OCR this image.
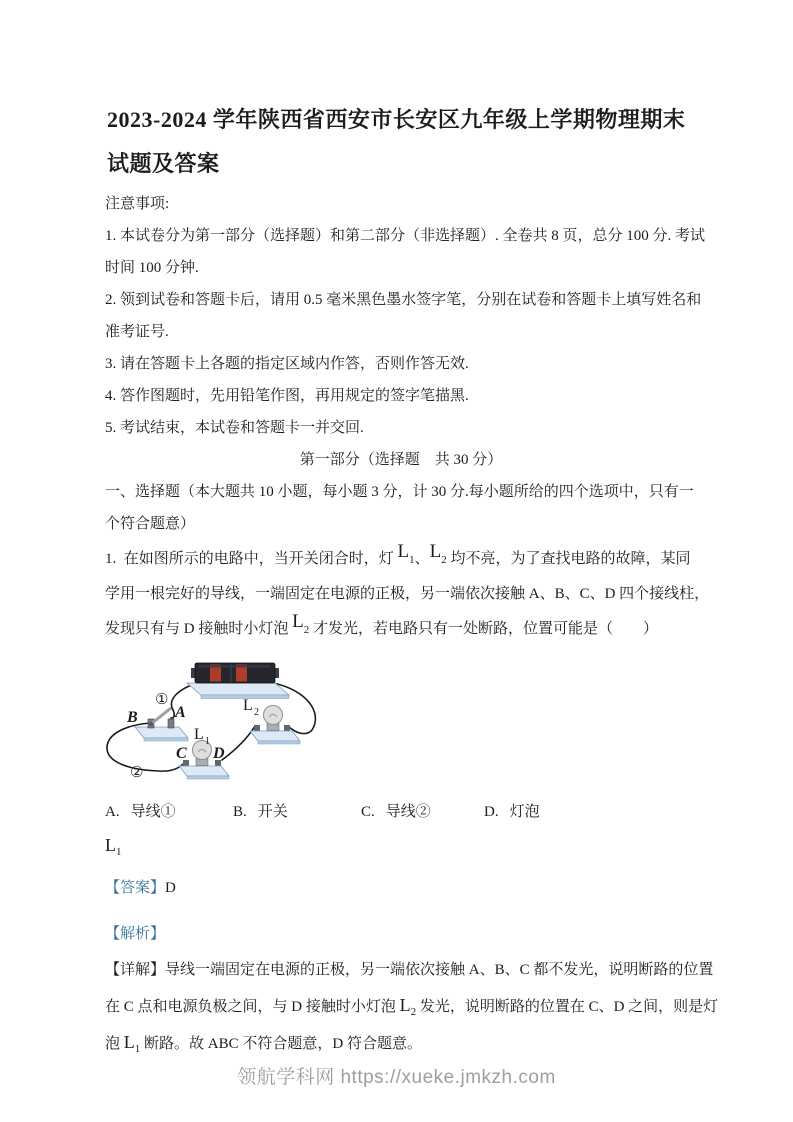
2023-2024 学年陕西省西安市长安区九年级上学期物理期末
试题及答案
注意事项:
1. 本试卷分为第一部分（选择题）和第二部分（非选择题）. 全卷共 8 页，总分 100 分. 考试
时间 100 分钟.
2. 领到试卷和答题卡后，请用 0.5 毫米黑色墨水签字笔，分别在试卷和答题卡上填写姓名和
准考证号.
3. 请在答题卡上各题的指定区域内作答，否则作答无效.
4. 答作图题时，先用铅笔作图，再用规定的签字笔描黑.
5. 考试结束，本试卷和答题卡一并交回.
第一部分（选择题　共 30 分）
一、选择题（本大题共 10 小题，每小题 3 分，计 30 分.每小题所给的四个选项中，只有一
个符合题意）
1.  在如图所示的电路中，当开关闭合时，灯 $L_1$、$L_2$ 均不亮，为了查找电路的故障，某同
学用一根完好的导线，一端固定在电源的正极，另一端依次接触 A、B、C、D 四个接线柱，
发现只有与 D 接触时小灯泡 $L_2$ 才发光，若电路只有一处断路，位置可能是（　　）
①
B A	L 2
L 1
C D
②
A. 导线①	B. 开关	C. 导线②	D. 灯泡
$L_1$
【答案】D
【解析】
【详解】导线一端固定在电源的正极，另一端依次接触 A、B、C 都不发光，说明断路的位置
在 C 点和电源负极之间，与 D 接触时小灯泡 $L_2$ 发光，说明断路的位置在 C、D 之间，则是灯
泡 $L_1$ 断路。故 ABC 不符合题意，D 符合题意。
领航学科网 https://xueke.jmkzh.com
